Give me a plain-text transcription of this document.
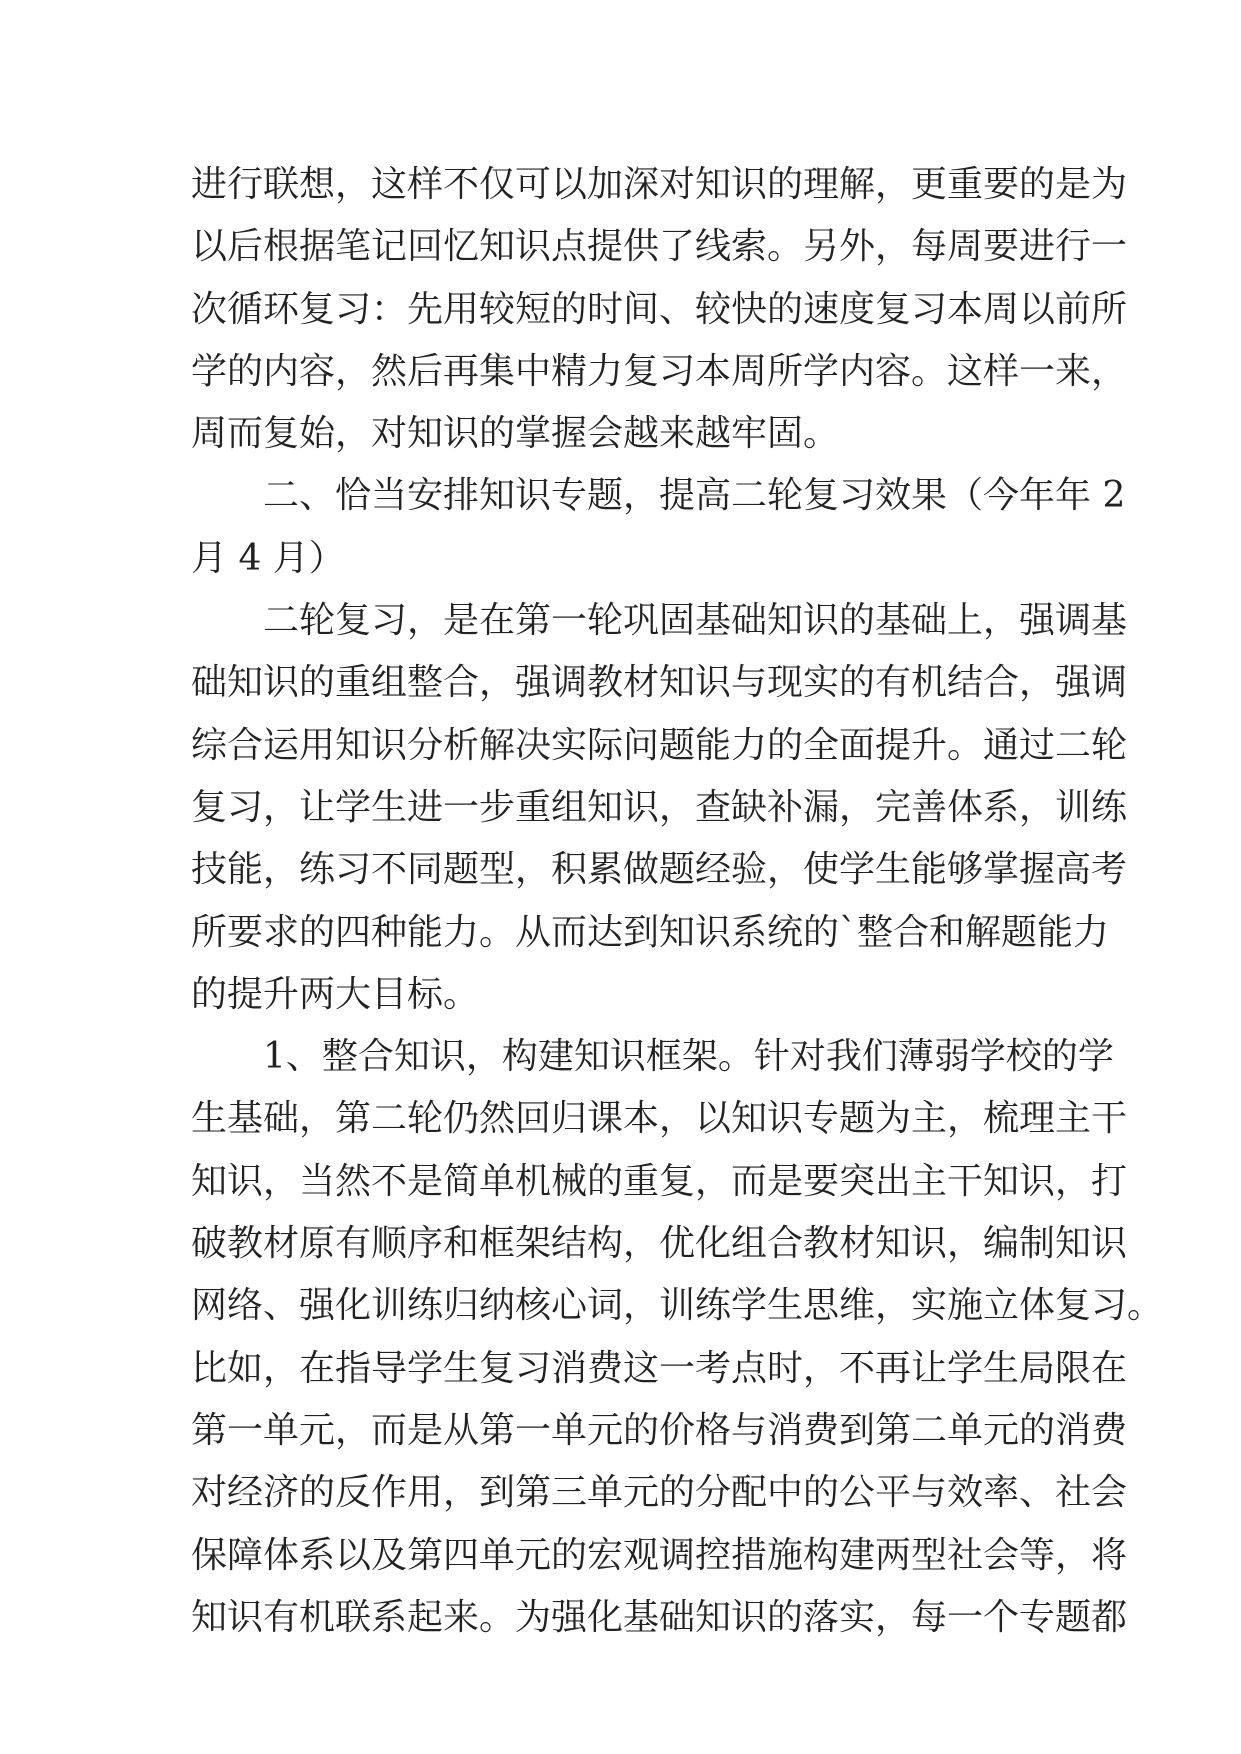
进行联想，这样不仅可以加深对知识的理解，更重要的是为
以后根据笔记回忆知识点提供了线索。另外，每周要进行一
次循环复习：先用较短的时间、较快的速度复习本周以前所
学的内容，然后再集中精力复习本周所学内容。这样一来，
周而复始，对知识的掌握会越来越牢固。
二、恰当安排知识专题，提高二轮复习效果（今年年 2
月 4 月）
二轮复习，是在第一轮巩固基础知识的基础上，强调基
础知识的重组整合，强调教材知识与现实的有机结合，强调
综合运用知识分析解决实际问题能力的全面提升。通过二轮
复习，让学生进一步重组知识，查缺补漏，完善体系，训练
技能，练习不同题型，积累做题经验，使学生能够掌握高考
所要求的四种能力。从而达到知识系统的`整合和解题能力
的提升两大目标。
1、整合知识，构建知识框架。针对我们薄弱学校的学
生基础，第二轮仍然回归课本，以知识专题为主，梳理主干
知识，当然不是简单机械的重复，而是要突出主干知识，打
破教材原有顺序和框架结构，优化组合教材知识，编制知识
网络、强化训练归纳核心词，训练学生思维，实施立体复习。
比如，在指导学生复习消费这一考点时，不再让学生局限在
第一单元，而是从第一单元的价格与消费到第二单元的消费
对经济的反作用，到第三单元的分配中的公平与效率、社会
保障体系以及第四单元的宏观调控措施构建两型社会等，将
知识有机联系起来。为强化基础知识的落实，每一个专题都
